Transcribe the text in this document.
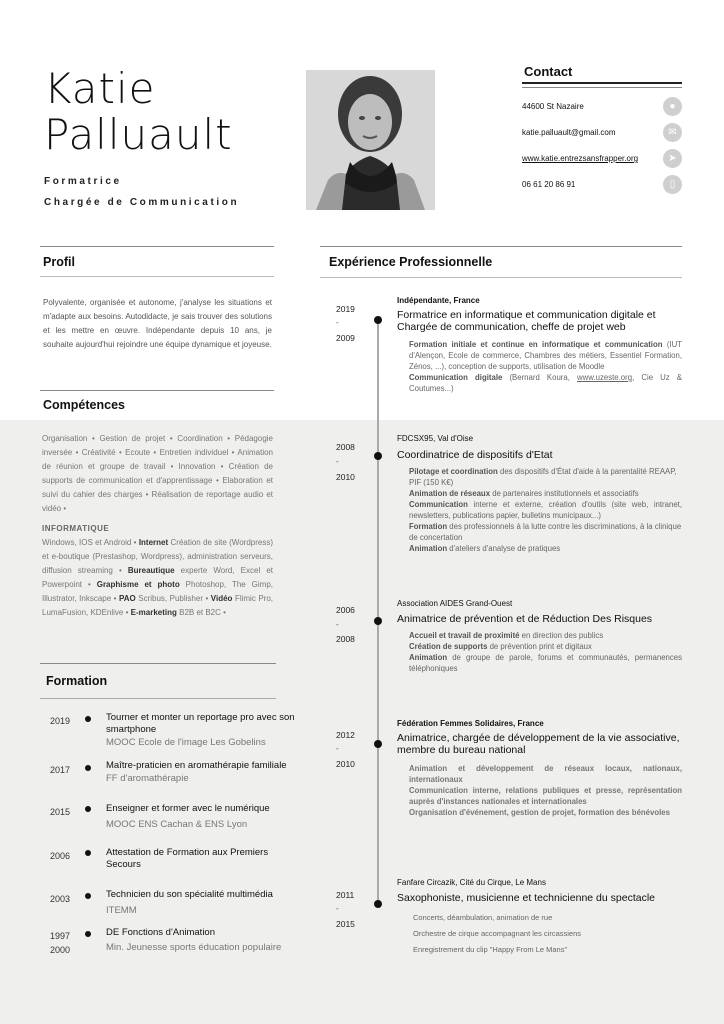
Katie
Palluault
Formatrice
Chargée de Communication
Contact
44600 St Nazaire
katie.palluault@gmail.com
www.katie.entrezsansfrapper.org
06 61 20 86 91
●
✉
➤
▯
Profil
Polyvalente, organisée et autonome, j'analyse les situations et m'adapte aux besoins. Autodidacte, je sais trouver des solutions et les mettre en œuvre. Indépendante depuis 10 ans, je souhaite aujourd'hui rejoindre une équipe dynamique et joyeuse.
Compétences
Organisation • Gestion de projet • Coordination • Pédagogie inversée • Créativité • Ecoute • Entretien individuel • Animation de réunion et groupe de travail • Innovation • Création de supports de communication et d'apprentissage • Elaboration et suivi du cahier des charges • Réalisation de reportage audio et vidéo •
INFORMATIQUE
Windows, IOS et Android • Internet Création de site (Wordpress) et e-boutique (Prestashop, Wordpress), administration serveurs, diffusion streaming • Bureautique experte Word, Excel et Powerpoint • Graphisme et photo Photoshop, The Gimp, Illustrator, Inkscape • PAO Scribus, Publisher • Vidéo Flimic Pro, LumaFusion, KDEnlive • E-marketing B2B et B2C •
Formation
2019	Tourner et monter un reportage pro avec son smartphone
MOOC Ecole de l'image Les Gobelins
2017	Maître-praticien en aromathérapie familiale
FF d'aromathérapie
2015	Enseigner et former avec le numérique
MOOC ENS Cachan & ENS Lyon
2006	Attestation de Formation aux Premiers Secours
2003	Technicien du son spécialité multimédia
ITEMM
1997
2000
DE Fonctions d'Animation
Min. Jeunesse sports éducation populaire
Expérience Professionnelle
2019
-
2009
Indépendante, France
Formatrice en informatique et communication digitale et Chargée de communication, cheffe de projet web
Formation initiale et continue en informatique et communication (IUT d'Alençon, Ecole de commerce, Chambres des métiers, Essentiel Formation, Zénos, ...), conception de supports, utilisation de Moodle
Communication digitale (Bernard Koura, www.uzeste.org, Cie Uz & Coutumes...)
2008
-
2010
FDCSX95, Val d'Oise
Coordinatrice de dispositifs d'Etat
Pilotage et coordination des dispositifs d'État d'aide à la parentalité REAAP, PIF (150 K€)
Animation de réseaux de partenaires institutionnels et associatifs
Communication interne et externe, création d'outils (site web, intranet, newsletters, publications papier, bulletins municipaux...)
Formation des professionnels à la lutte contre les discriminations, à la clinique de concertation
Animation d'ateliers d'analyse de pratiques
2006
-
2008
Association AIDES Grand-Ouest
Animatrice de prévention et de Réduction Des Risques
Accueil et travail de proximité en direction des publics
Création de supports de prévention print et digitaux
Animation de groupe de parole, forums et communautés, permanences téléphoniques
2012
-
2010
Fédération Femmes Solidaires, France
Animatrice, chargée de développement de la vie associative, membre du bureau national
Animation et développement de réseaux locaux, nationaux, internationaux
Communication interne, relations publiques et presse, représentation auprès d'instances nationales et internationales
Organisation d'événement, gestion de projet, formation des bénévoles
2011
-
2015
Fanfare Circazik, Cité du Cirque, Le Mans
Saxophoniste, musicienne et technicienne du spectacle
Concerts, déambulation, animation de rue
Orchestre de cirque accompagnant les circassiens
Enregistrement du clip "Happy From Le Mans"
